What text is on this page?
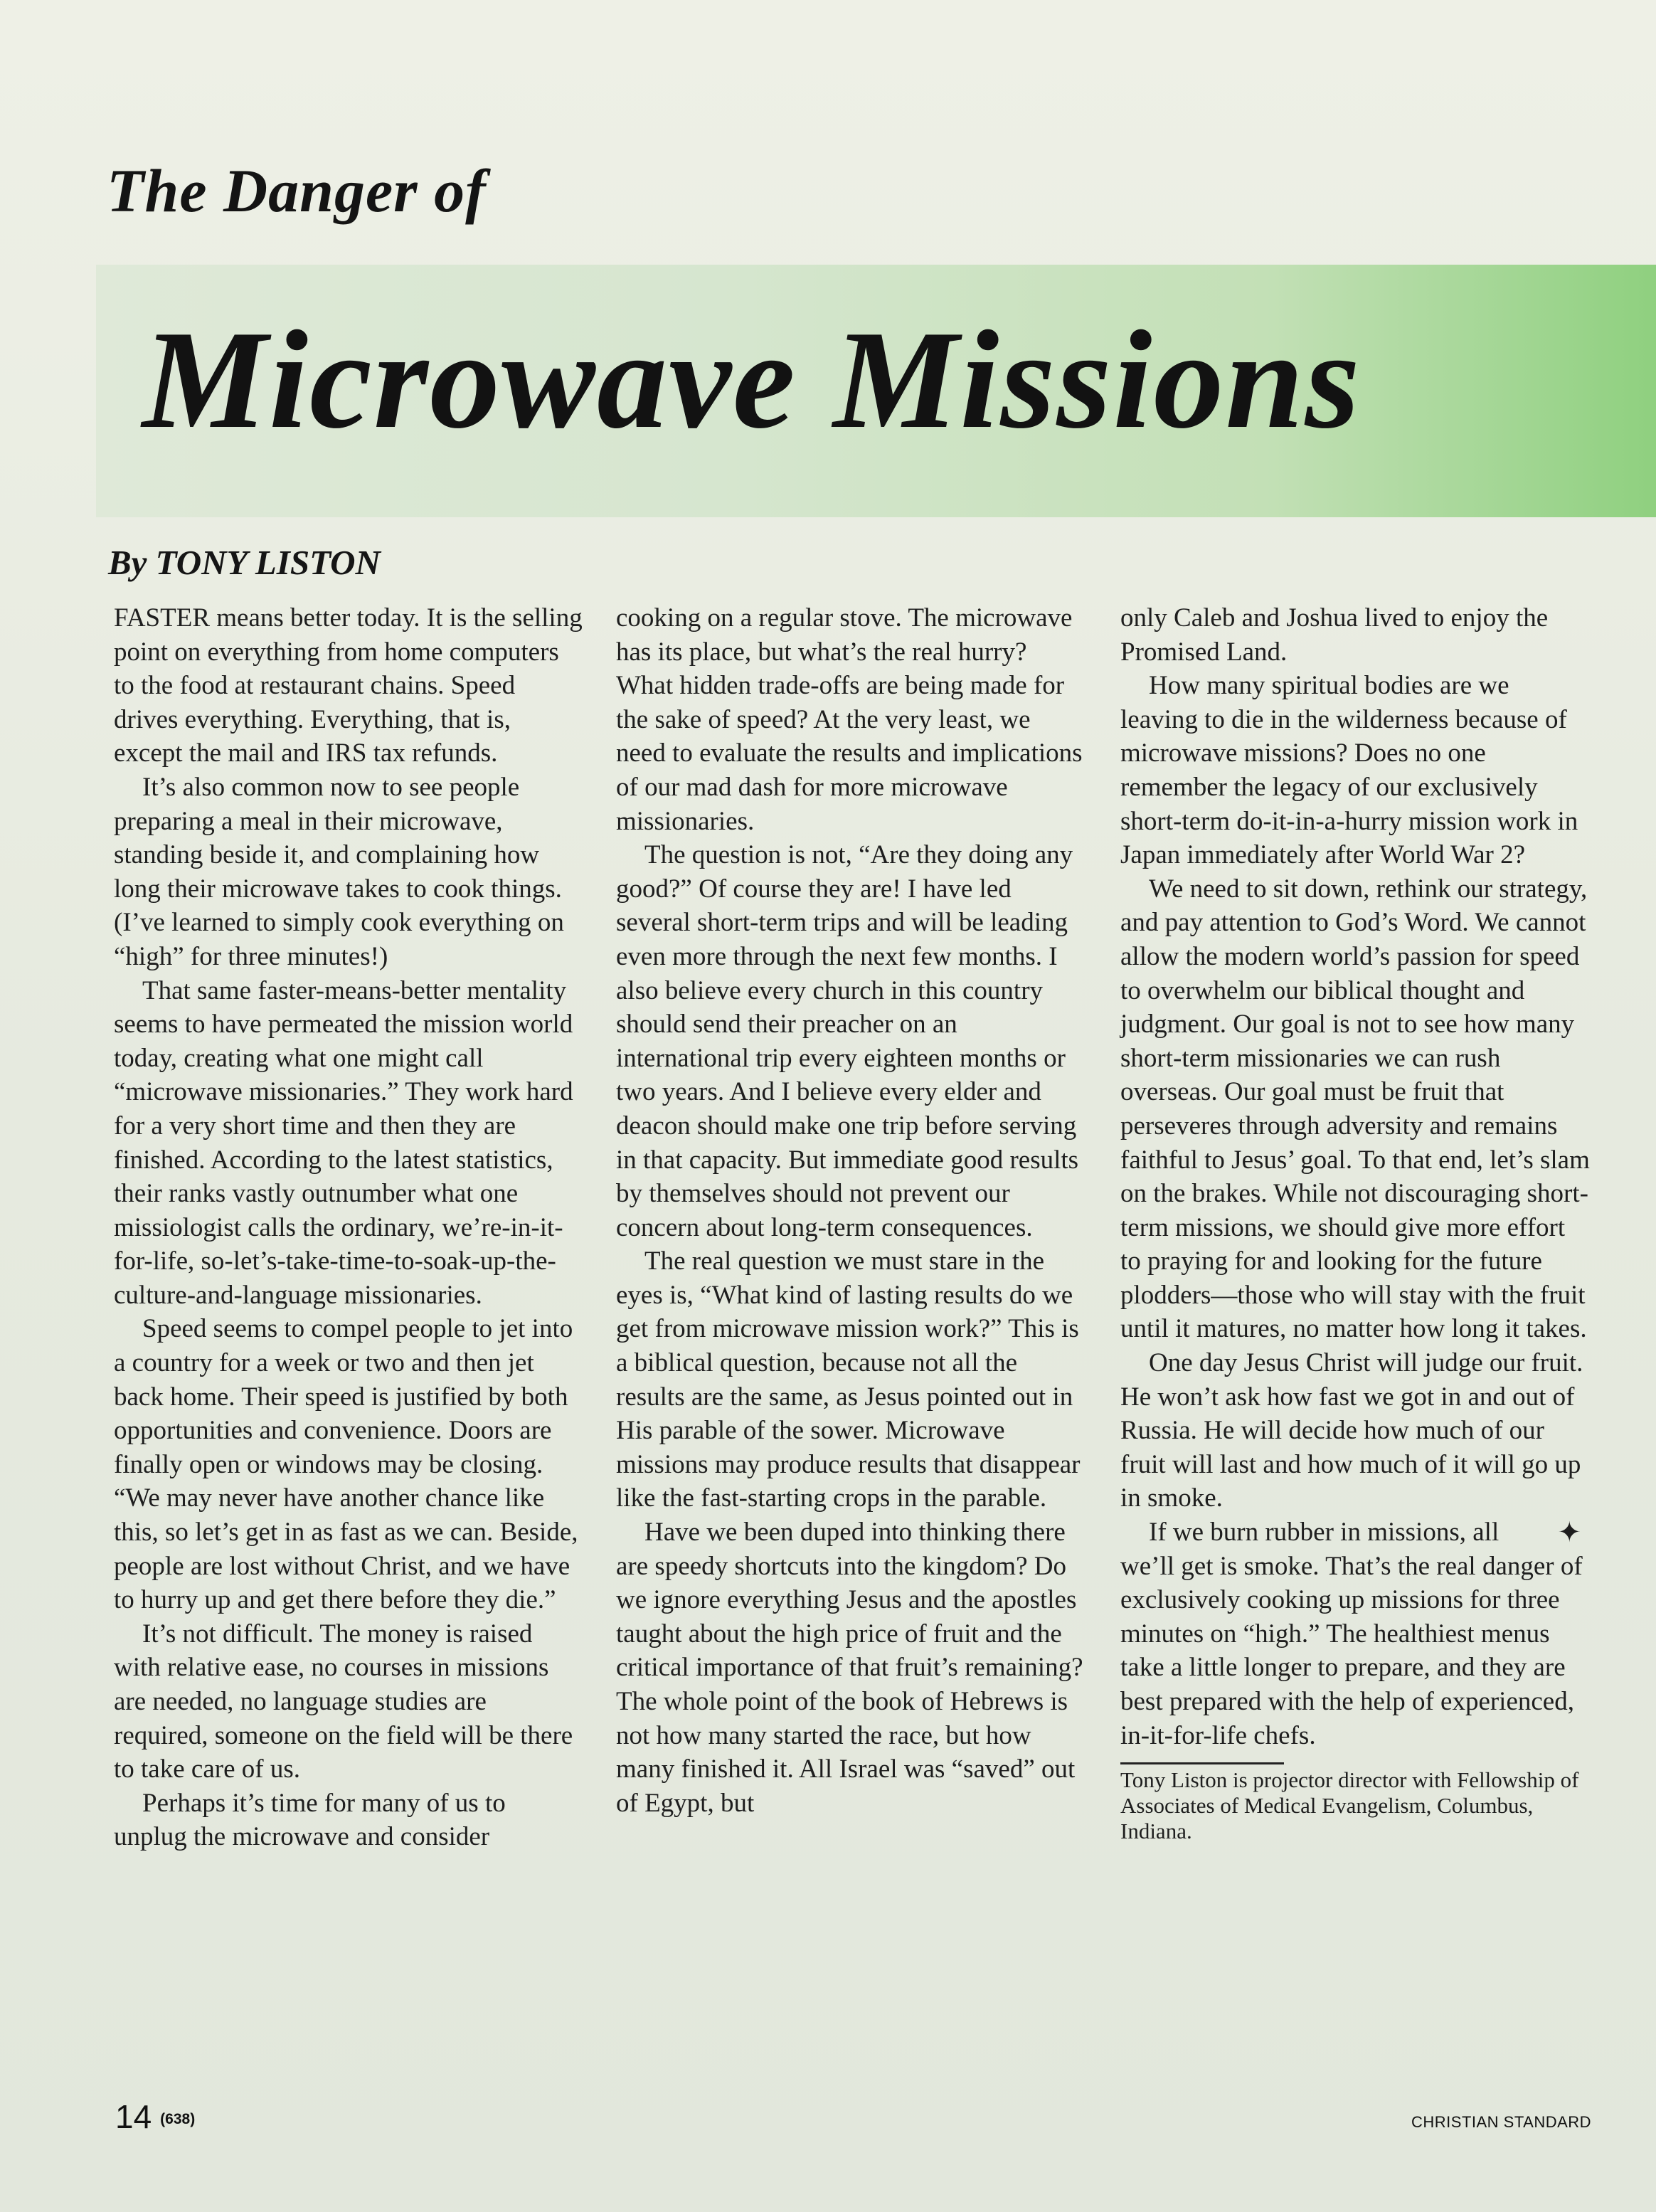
The Danger of
Microwave Missions
By TONY LISTON

FASTER means better today. It is the selling point on everything from home computers to the food at restaurant chains. Speed drives everything. Everything, that is, except the mail and IRS tax refunds.

It’s also common now to see people preparing a meal in their microwave, standing beside it, and complaining how long their microwave takes to cook things. (I’ve learned to simply cook everything on “high” for three minutes!)

That same faster-means-better mentality seems to have permeated the mission world today, creating what one might call “microwave missionaries.” They work hard for a very short time and then they are finished. According to the latest statistics, their ranks vastly outnumber what one missiologist calls the ordinary, we’re-in-it-for-life, so-let’s-take-time-to-soak-up-the-culture-and-language missionaries.

Speed seems to compel people to jet into a country for a week or two and then jet back home. Their speed is justified by both opportunities and convenience. Doors are finally open or windows may be closing. “We may never have another chance like this, so let’s get in as fast as we can. Beside, people are lost without Christ, and we have to hurry up and get there before they die.”

It’s not difficult. The money is raised with relative ease, no courses in missions are needed, no language studies are required, someone on the field will be there to take care of us.

Perhaps it’s time for many of us to unplug the microwave and consider

cooking on a regular stove. The microwave has its place, but what’s the real hurry? What hidden trade-offs are being made for the sake of speed? At the very least, we need to evaluate the results and implications of our mad dash for more microwave missionaries.

The question is not, “Are they doing any good?” Of course they are! I have led several short-term trips and will be leading even more through the next few months. I also believe every church in this country should send their preacher on an international trip every eighteen months or two years. And I believe every elder and deacon should make one trip before serving in that capacity. But immediate good results by themselves should not prevent our concern about long-term consequences.

The real question we must stare in the eyes is, “What kind of lasting results do we get from microwave mission work?” This is a biblical question, because not all the results are the same, as Jesus pointed out in His parable of the sower. Microwave missions may produce results that disappear like the fast-starting crops in the parable.

Have we been duped into thinking there are speedy shortcuts into the kingdom? Do we ignore everything Jesus and the apostles taught about the high price of fruit and the critical importance of that fruit’s remaining? The whole point of the book of Hebrews is not how many started the race, but how many finished it. All Israel was “saved” out of Egypt, but

only Caleb and Joshua lived to enjoy the Promised Land.

How many spiritual bodies are we leaving to die in the wilderness because of microwave missions? Does no one remember the legacy of our exclusively short-term do-it-in-a-hurry mission work in Japan immediately after World War 2?

We need to sit down, rethink our strategy, and pay attention to God’s Word. We cannot allow the modern world’s passion for speed to overwhelm our biblical thought and judgment. Our goal is not to see how many short-term missionaries we can rush overseas. Our goal must be fruit that perseveres through adversity and remains faithful to Jesus’ goal. To that end, let’s slam on the brakes. While not discouraging short-term missions, we should give more effort to praying for and looking for the future plodders—those who will stay with the fruit until it matures, no matter how long it takes.

One day Jesus Christ will judge our fruit. He won’t ask how fast we got in and out of Russia. He will decide how much of our fruit will last and how much of it will go up in smoke.

✦
If we burn rubber in missions, all we’ll get is smoke. That’s the real danger of exclusively cooking up missions for three minutes on “high.” The healthiest menus take a little longer to prepare, and they are best prepared with the help of experienced, in-it-for-life chefs.

Tony Liston is projector director with Fellowship of Associates of Medical Evangelism, Columbus, Indiana.

14 (638)	CHRISTIAN STANDARD
